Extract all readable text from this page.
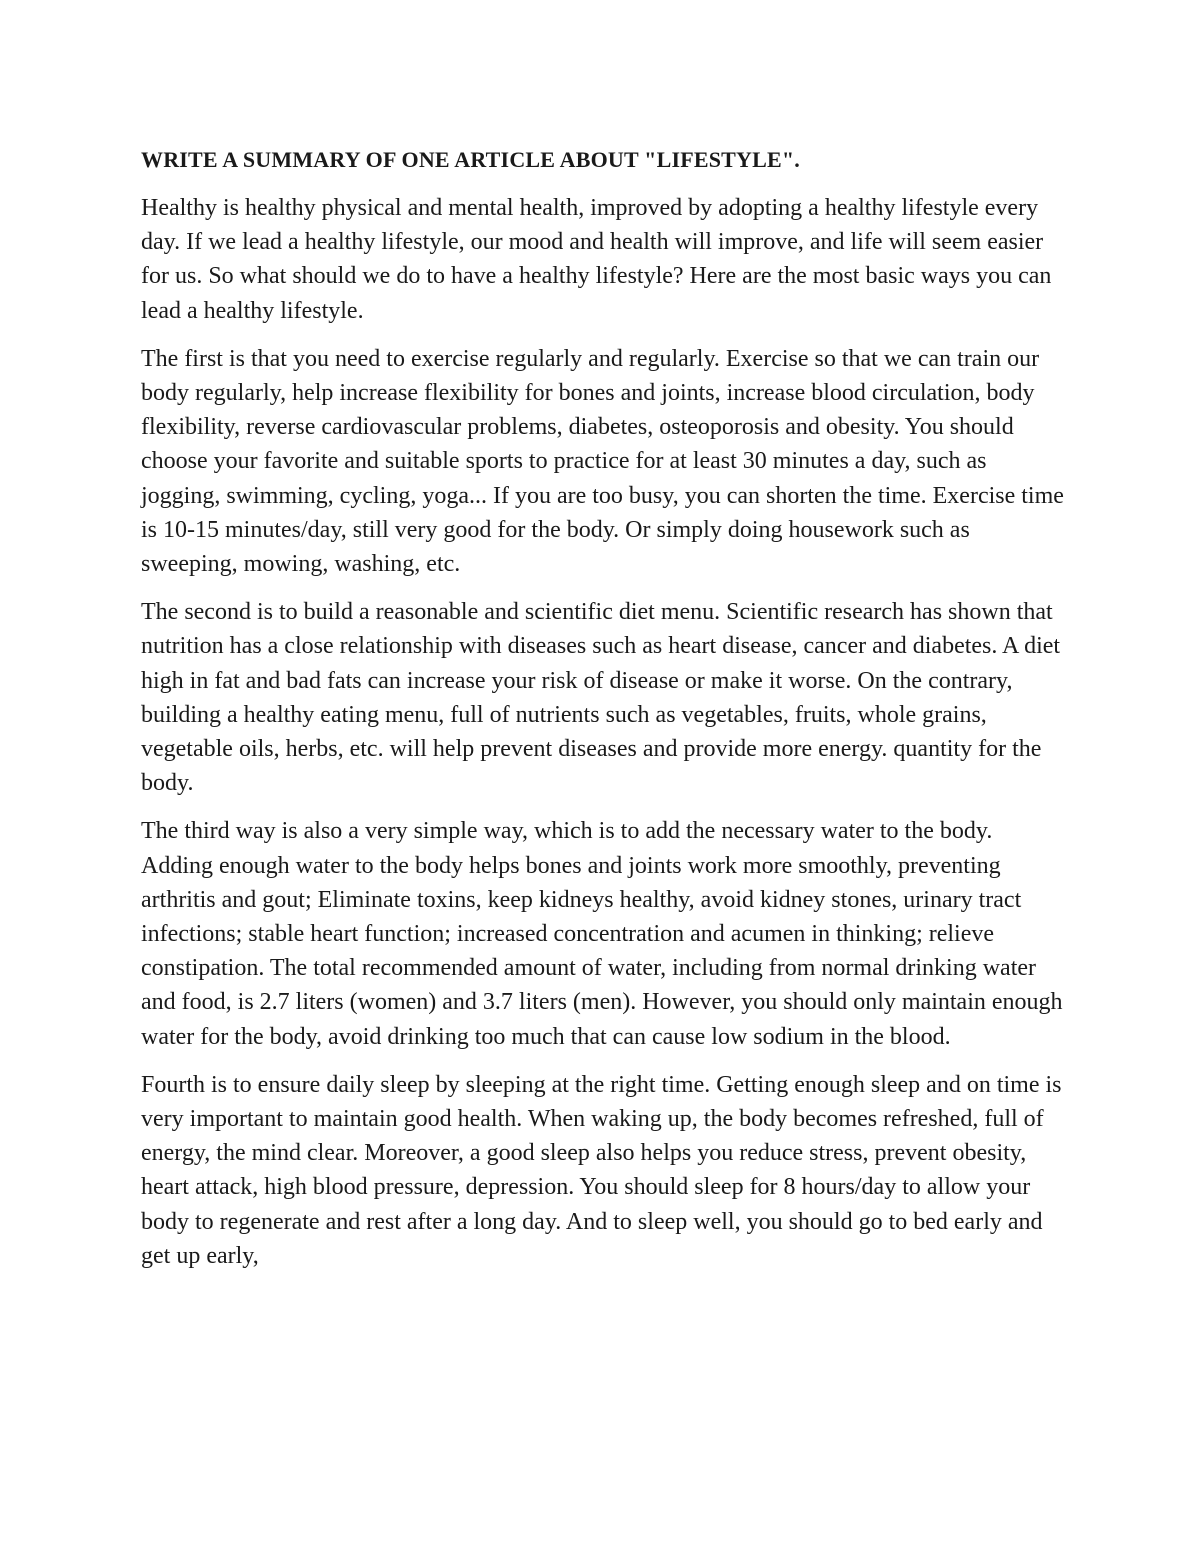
WRITE A SUMMARY OF ONE ARTICLE ABOUT "LIFESTYLE".

Healthy is healthy physical and mental health, improved by adopting a healthy lifestyle every day. If we lead a healthy lifestyle, our mood and health will improve, and life will seem easier for us. So what should we do to have a healthy lifestyle? Here are the most basic ways you can lead a healthy lifestyle.

The first is that you need to exercise regularly and regularly. Exercise so that we can train our body regularly, help increase flexibility for bones and joints, increase blood circulation, body flexibility, reverse cardiovascular problems, diabetes, osteoporosis and obesity. You should choose your favorite and suitable sports to practice for at least 30 minutes a day, such as jogging, swimming, cycling, yoga... If you are too busy, you can shorten the time. Exercise time is 10-15 minutes/day, still very good for the body. Or simply doing housework such as sweeping, mowing, washing, etc.

The second is to build a reasonable and scientific diet menu. Scientific research has shown that nutrition has a close relationship with diseases such as heart disease, cancer and diabetes. A diet high in fat and bad fats can increase your risk of disease or make it worse. On the contrary, building a healthy eating menu, full of nutrients such as vegetables, fruits, whole grains, vegetable oils, herbs, etc. will help prevent diseases and provide more energy. quantity for the body.

The third way is also a very simple way, which is to add the necessary water to the body. Adding enough water to the body helps bones and joints work more smoothly, preventing arthritis and gout; Eliminate toxins, keep kidneys healthy, avoid kidney stones, urinary tract infections; stable heart function; increased concentration and acumen in thinking; relieve constipation. The total recommended amount of water, including from normal drinking water and food, is 2.7 liters (women) and 3.7 liters (men). However, you should only maintain enough water for the body, avoid drinking too much that can cause low sodium in the blood.

Fourth is to ensure daily sleep by sleeping at the right time. Getting enough sleep and on time is very important to maintain good health. When waking up, the body becomes refreshed, full of energy, the mind clear. Moreover, a good sleep also helps you reduce stress, prevent obesity, heart attack, high blood pressure, depression. You should sleep for 8 hours/day to allow your body to regenerate and rest after a long day. And to sleep well, you should go to bed early and get up early,
